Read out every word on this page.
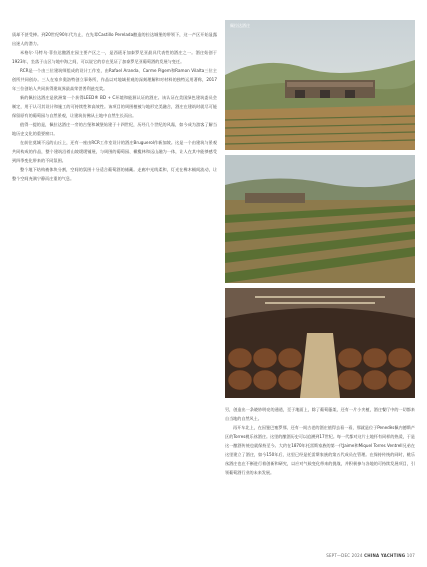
质却不甚受捧。到20世纪90年代为止，在先辈Castillo Perelada酿造的拉达城堡的带领下，这一产区开始显露出迷人的潜力。

米格尔·马特乌·菲拉达酿酒庄园主要产区之一，是西班牙加泰罗尼亚最具代表性的酒庄之一。酒庄始创于1923年，坐落于山区与地中海之间，可以说它的存在见证了加泰罗尼亚葡萄酒的发展与变迁。

RCR是一个由三位建筑师组成的设计工作室，由Rafael Aranda、Carme Pigem和Ramon Vilalta三位主创所共同创办。三人在家乡奥洛特创立事务所，作品以对地域景观的深刻理解和对材料的独特运用著称，2017年三位创始人共同获得建筑界最高荣誉普利兹克奖。

新的佩拉达酒庄是欧洲第一个获得LEED® BD + C环境和能源认证的酒庄。该认证在美国绿色建筑委员会制定，用于认可其设计和施工的可持续性和高效性。该项目的周围植被与地形完美融合，酒庄在建筑时就尽可能保留原有的葡萄园与自然景观，让建筑仿佛从土地中自然生长而出。

值得一提的是，佩拉达酒庄一旁的古堡和城堡始建于十四世纪，历经几个世纪的风霜，如今成为游客了解当地历史文化的重要窗口。

在前往莫城不远的山丘上，还有一座由RCR工作室设计的酒庄Bruguerol作新加坡。这是一个由建筑与景观共同构成的作品，整个建筑沿着山坡缓缓铺展，与周围的葡萄园、橄榄林和远山融为一体，让人在其中能够感受到四季变化带来的不同氛围。

整个地下结构被体块分割，空间的氛围十分适合葡萄酒的储藏。走廊中光线柔和，灯光在橡木桶间流动，让整个空间充满宁静而庄重的气息。

佩拉达酒庄

另，创造出一条晓妙明亮的通道，至于地面上，除了葡萄藤架，还有一片小夹植，酒庄餐厅中的一切都来自当地的自然风土。

再开车北上，在因鉴巴塞罗那，还有一间古老的酒庄值得去看一看，那就是位于Penedès佩内德斯产区的Torres桃乐丝酒庄。这里的酿酒历史可以追溯到17世纪。每一代都对这片土地怀有同样的热爱，于是这一酿酒传统也就保持至今。大约在1870年托雷斯家族的第一代Jaime和Miquel Torres Ventrell兄弟在这里建立了酒庄，如今150年后，这里已经是托雷斯家族的第五代成员在管理。在保持传统的同时，桃乐丝酒庄也在不断进行着创新和研究，以应对气候变化带来的挑战，并积极参与各地的可持续发展项目，引领葡萄酒行业的未来发展。

SEPT—DEC 2024 CHINA YACHTING 107
